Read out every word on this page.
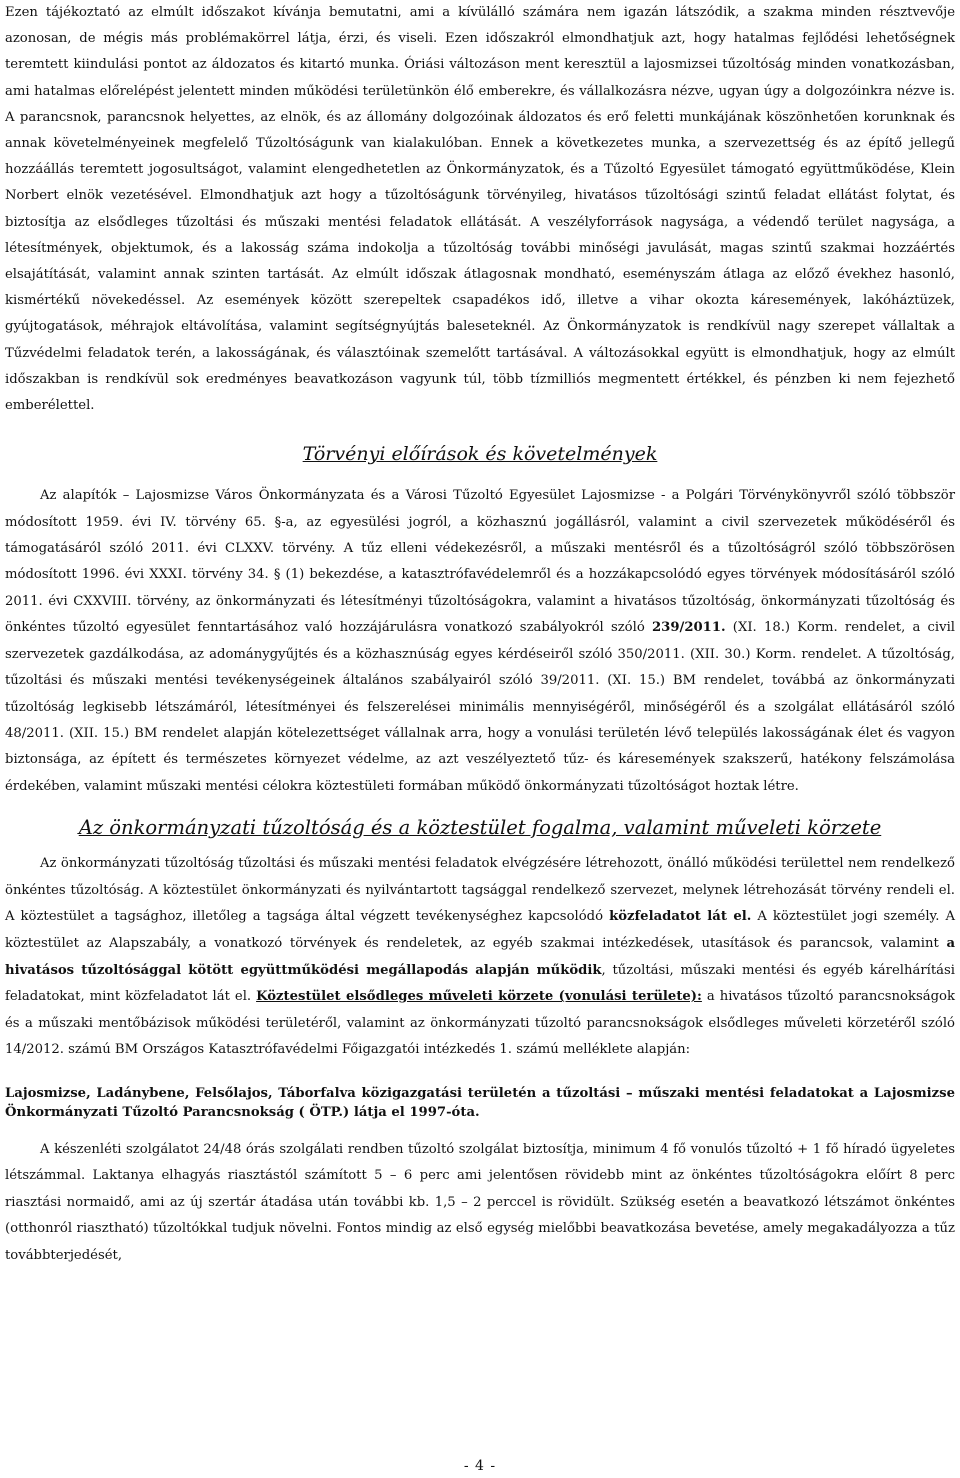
Ezen tájékoztató az elmúlt időszakot kívánja bemutatni, ami a kívülálló számára nem igazán látszódik, a szakma minden résztvevője azonosan, de mégis más problémakörrel látja, érzi, és viseli. Ezen időszakról elmondhatjuk azt, hogy hatalmas fejlődési lehetőségnek teremtett kiindulási pontot az áldozatos és kitartó munka. Óriási változáson ment keresztül a lajosmizsei tűzoltóság minden vonatkozásban, ami hatalmas előrelépést jelentett minden működési területünkön élő emberekre, és vállalkozásra nézve, ugyan úgy a dolgozóinkra nézve is. A parancsnok, parancsnok helyettes, az elnök, és az állomány dolgozóinak áldozatos és erő feletti munkájának köszönhetően korunknak és annak követelményeinek megfelelő Tűzoltóságunk van kialakulóban. Ennek a következetes munka, a szervezettség és az építő jellegű hozzáállás teremtett jogosultságot, valamint elengedhetetlen az Önkormányzatok, és a Tűzoltó Egyesület támogató együttműködése, Klein Norbert elnök vezetésével. Elmondhatjuk azt hogy a tűzoltóságunk törvényileg, hivatásos tűzoltósági szintű feladat ellátást folytat, és biztosítja az elsődleges tűzoltási és műszaki mentési feladatok ellátását. A veszélyforrások nagysága, a védendő terület nagysága, a létesítmények, objektumok, és a lakosság száma indokolja a tűzoltóság további minőségi javulását, magas szintű szakmai hozzáértés elsajátítását, valamint annak szinten tartását. Az elmúlt időszak átlagosnak mondható, eseményszám átlaga az előző évekhez hasonló, kismértékű növekedéssel. Az események között szerepeltek csapadékos idő, illetve a vihar okozta káresemények, lakóháztüzek, gyújtogatások, méhrajok eltávolítása, valamint segítségnyújtás baleseteknél. Az Önkormányzatok is rendkívül nagy szerepet vállaltak a Tűzvédelmi feladatok terén, a lakosságának, és választóinak szemelőtt tartásával. A változásokkal együtt is elmondhatjuk, hogy az elmúlt időszakban is rendkívül sok eredményes beavatkozáson vagyunk túl, több tízmilliós megmentett értékkel, és pénzben ki nem fejezhető emberélettel.

Törvényi előírások és követelmények

Az alapítók – Lajosmizse Város Önkormányzata és a Városi Tűzoltó Egyesület Lajosmizse - a Polgári Törvénykönyvről szóló többször módosított 1959. évi IV. törvény 65. §-a, az egyesülési jogról, a közhasznú jogállásról, valamint a civil szervezetek működéséről és támogatásáról szóló 2011. évi CLXXV. törvény. A tűz elleni védekezésről, a műszaki mentésről és a tűzoltóságról szóló többszörösen módosított 1996. évi XXXI. törvény 34. § (1) bekezdése, a katasztrófavédelemről és a hozzákapcsolódó egyes törvények módosításáról szóló 2011. évi CXXVIII. törvény, az önkormányzati és létesítményi tűzoltóságokra, valamint a hivatásos tűzoltóság, önkormányzati tűzoltóság és önkéntes tűzoltó egyesület fenntartásához való hozzájárulásra vonatkozó szabályokról szóló 239/2011. (XI. 18.) Korm. rendelet, a civil szervezetek gazdálkodása, az adománygyűjtés és a közhasznúság egyes kérdéseiről szóló 350/2011. (XII. 30.) Korm. rendelet. A tűzoltóság, tűzoltási és műszaki mentési tevékenységeinek általános szabályairól szóló 39/2011. (XI. 15.) BM rendelet, továbbá az önkormányzati tűzoltóság legkisebb létszámáról, létesítményei és felszerelései minimális mennyiségéről, minőségéről és a szolgálat ellátásáról szóló 48/2011. (XII. 15.) BM rendelet alapján kötelezettséget vállalnak arra, hogy a vonulási területén lévő település lakosságának élet és vagyon biztonsága, az épített és természetes környezet védelme, az azt veszélyeztető tűz- és káresemények szakszerű, hatékony felszámolása érdekében, valamint műszaki mentési célokra köztestületi formában működő önkormányzati tűzoltóságot hoztak létre.

Az önkormányzati tűzoltóság és a köztestület fogalma, valamint műveleti körzete

Az önkormányzati tűzoltóság tűzoltási és műszaki mentési feladatok elvégzésére létrehozott, önálló működési területtel nem rendelkező önkéntes tűzoltóság. A köztestület önkormányzati és nyilvántartott tagsággal rendelkező szervezet, melynek létrehozását törvény rendeli el. A köztestület a tagsághoz, illetőleg a tagsága által végzett tevékenységhez kapcsolódó közfeladatot lát el. A köztestület jogi személy. A köztestület az Alapszabály, a vonatkozó törvények és rendeletek, az egyéb szakmai intézkedések, utasítások és parancsok, valamint a hivatásos tűzoltósággal kötött együttműködési megállapodás alapján működik, tűzoltási, műszaki mentési és egyéb kárelhárítási feladatokat, mint közfeladatot lát el. Köztestület elsődleges műveleti körzete (vonulási területe): a hivatásos tűzoltó parancsnokságok és a műszaki mentőbázisok működési területéről, valamint az önkormányzati tűzoltó parancsnokságok elsődleges műveleti körzetéről szóló 14/2012. számú BM Országos Katasztrófavédelmi Főigazgatói intézkedés 1. számú melléklete alapján:

Lajosmizse, Ladánybene, Felsőlajos, Táborfalva közigazgatási területén a tűzoltási – műszaki mentési feladatokat a Lajosmizse Önkormányzati Tűzoltó Parancsnokság ( ÖTP.) látja el 1997-óta.

A készenléti szolgálatot 24/48 órás szolgálati rendben tűzoltó szolgálat biztosítja, minimum 4 fő vonulós tűzoltó + 1 fő híradó ügyeletes létszámmal. Laktanya elhagyás riasztástól számított 5 – 6 perc ami jelentősen rövidebb mint az önkéntes tűzoltóságokra előírt 8 perc riasztási normaidő, ami az új szertár átadása után további kb. 1,5 – 2 perccel is rövidült. Szükség esetén a beavatkozó létszámot önkéntes (otthonról riasztható) tűzoltókkal tudjuk növelni. Fontos mindig az első egység mielőbbi beavatkozása bevetése, amely megakadályozza a tűz továbbterjedését,

- 4 -
